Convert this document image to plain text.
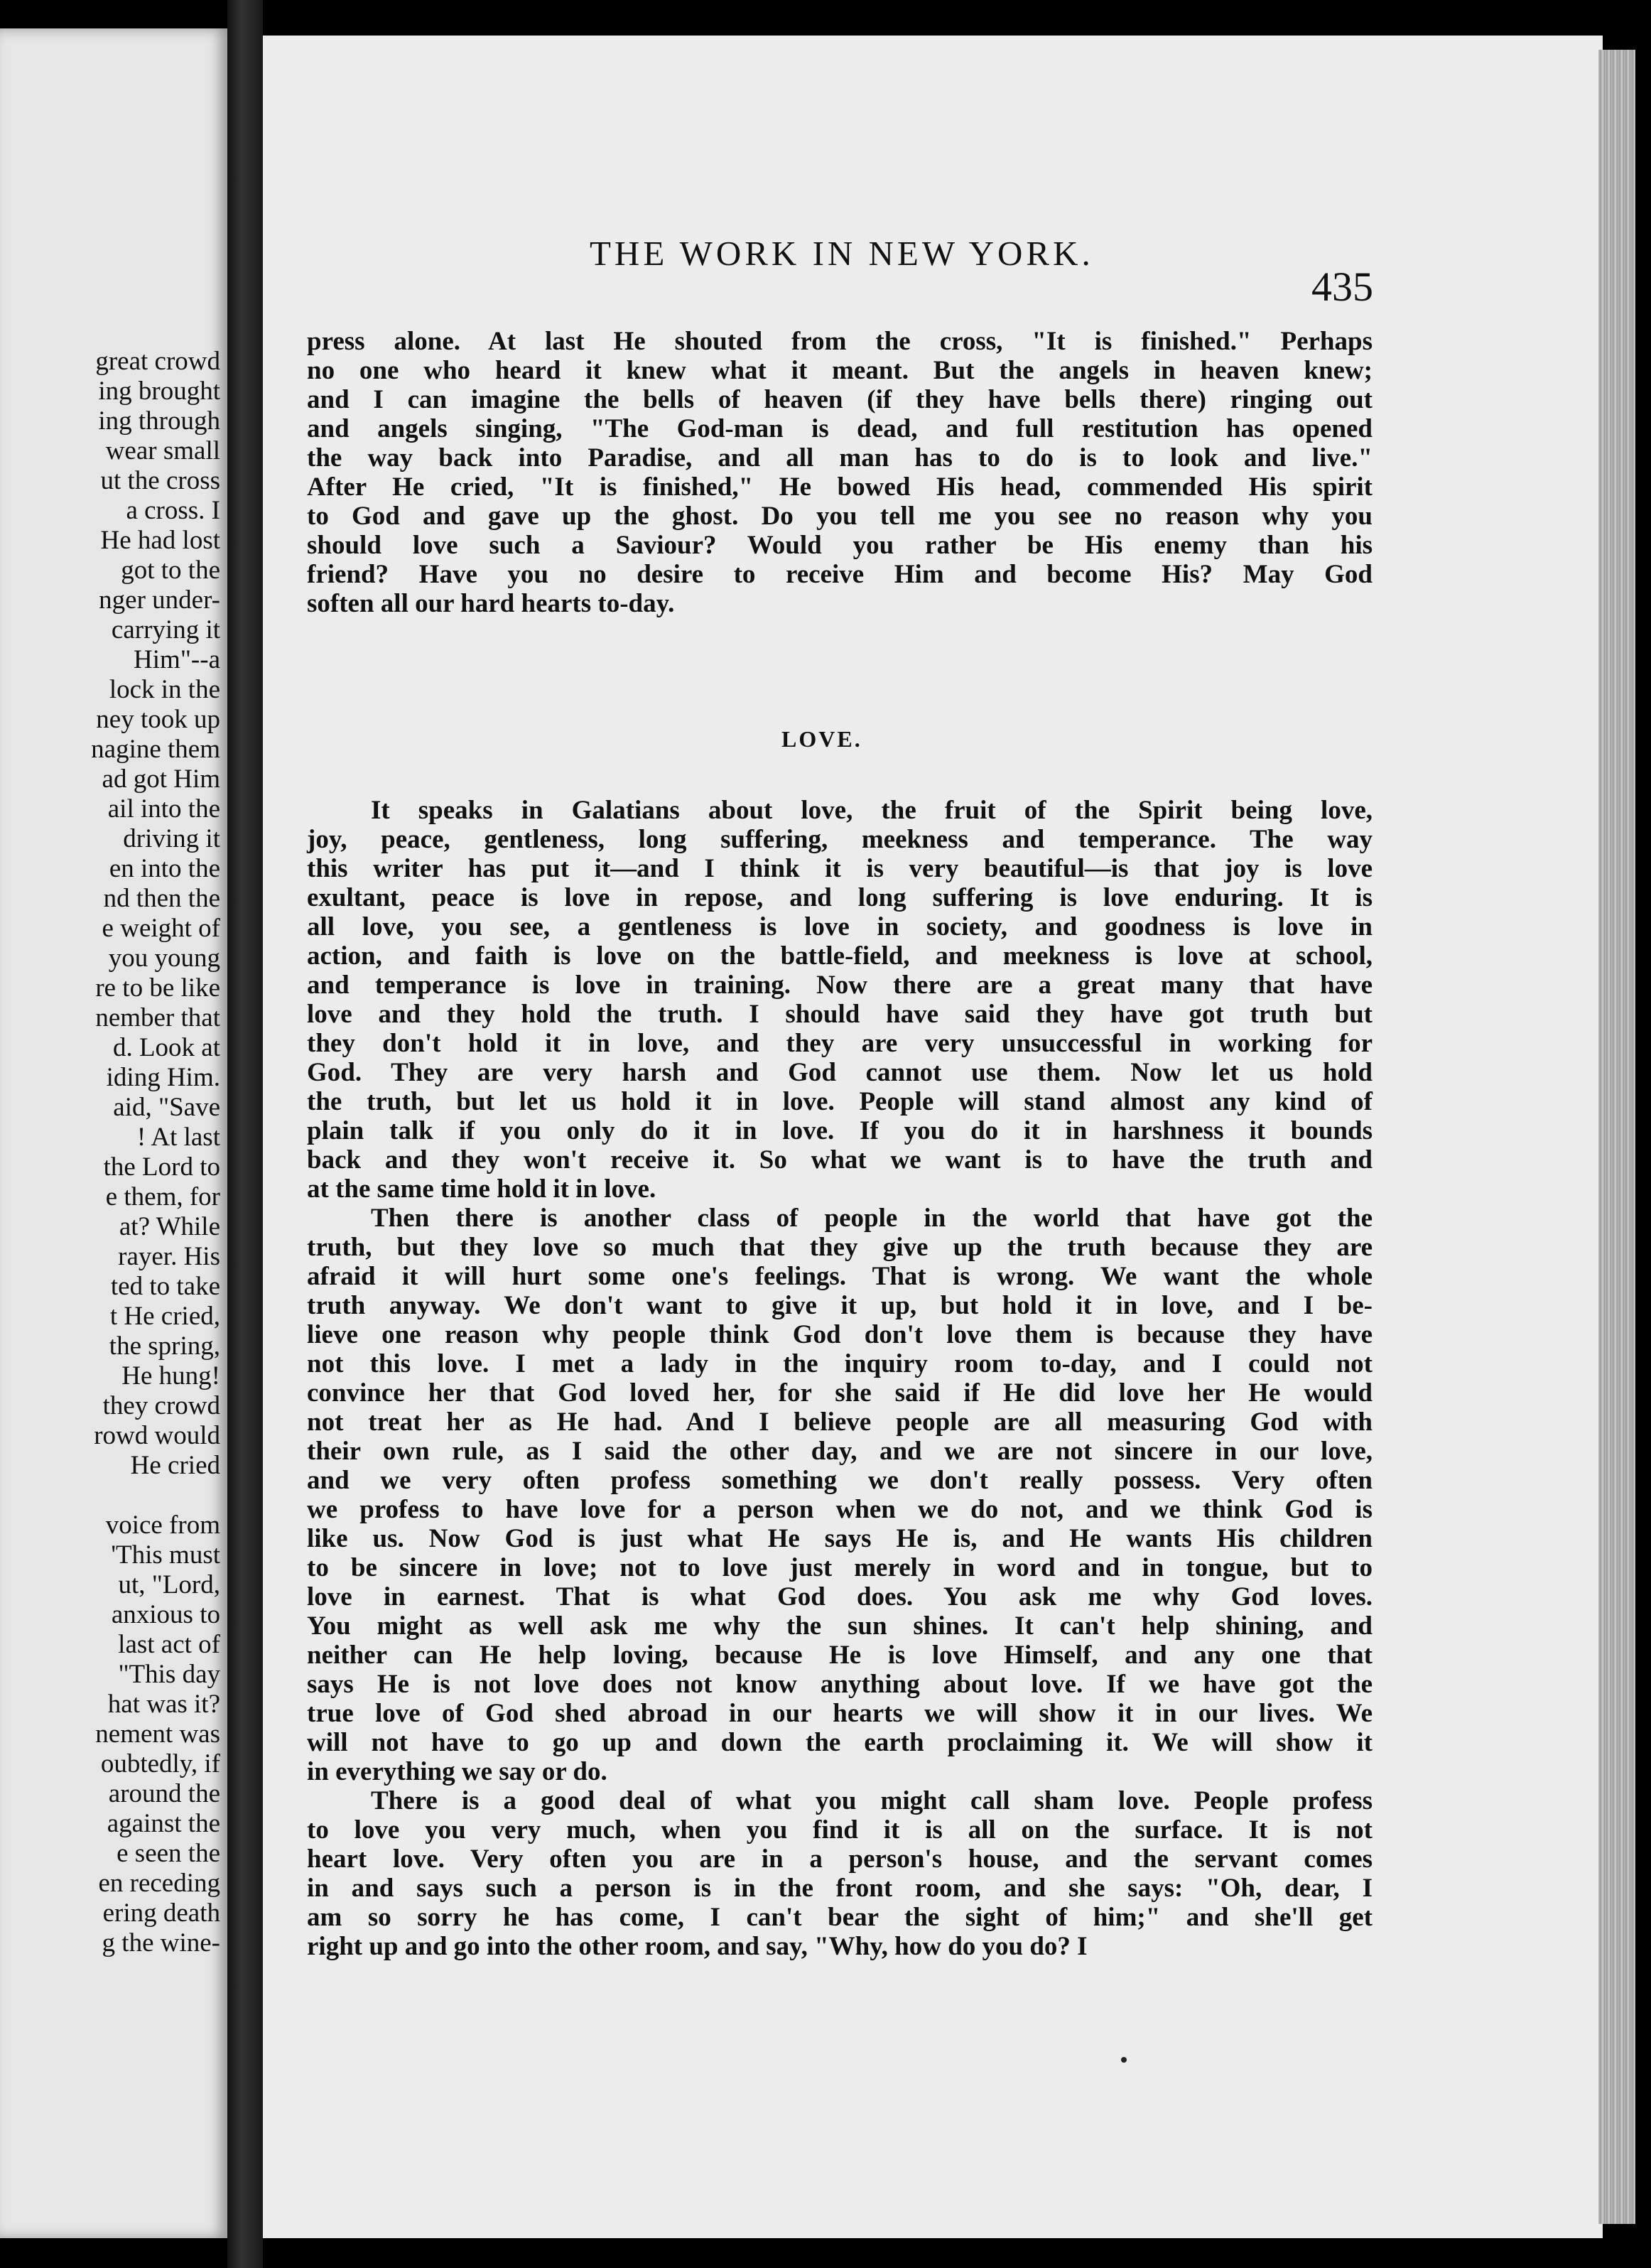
great crowd
ing brought
ing through
wear small
ut the cross
a cross. I
He had lost
got to the
nger under-
carrying it
Him"--a
lock in the
ney took up
nagine them
ad got Him
ail into the
driving it
en into the
nd then the
e weight of
you young
re to be like
nember that
d. Look at
iding Him.
aid, "Save
! At last
the Lord to
e them, for
at? While
rayer. His
ted to take
t He cried,
the spring,
He hung!
they crowd
rowd would
He cried
voice from
'This must
ut, "Lord,
anxious to
last act of
"This day
hat was it?
nement was
oubtedly, if
around the
against the
e seen the
en receding
ering death
g the wine-
THE WORK IN NEW YORK.
435
press alone. At last He shouted from the cross, "It is finished." Perhaps
no one who heard it knew what it meant. But the angels in heaven knew;
and I can imagine the bells of heaven (if they have bells there) ringing out
and angels singing, "The God-man is dead, and full restitution has opened
the way back into Paradise, and all man has to do is to look and live."
After He cried, "It is finished," He bowed His head, commended His spirit
to God and gave up the ghost. Do you tell me you see no reason why you
should love such a Saviour? Would you rather be His enemy than his
friend? Have you no desire to receive Him and become His? May God
soften all our hard hearts to-day.
LOVE.
It speaks in Galatians about love, the fruit of the Spirit being love,
joy, peace, gentleness, long suffering, meekness and temperance. The way
this writer has put it—and I think it is very beautiful—is that joy is love
exultant, peace is love in repose, and long suffering is love enduring. It is
all love, you see, a gentleness is love in society, and goodness is love in
action, and faith is love on the battle-field, and meekness is love at school,
and temperance is love in training. Now there are a great many that have
love and they hold the truth. I should have said they have got truth but
they don't hold it in love, and they are very unsuccessful in working for
God. They are very harsh and God cannot use them. Now let us hold
the truth, but let us hold it in love. People will stand almost any kind of
plain talk if you only do it in love. If you do it in harshness it bounds
back and they won't receive it. So what we want is to have the truth and
at the same time hold it in love.
Then there is another class of people in the world that have got the
truth, but they love so much that they give up the truth because they are
afraid it will hurt some one's feelings. That is wrong. We want the whole
truth anyway. We don't want to give it up, but hold it in love, and I be-
lieve one reason why people think God don't love them is because they have
not this love. I met a lady in the inquiry room to-day, and I could not
convince her that God loved her, for she said if He did love her He would
not treat her as He had. And I believe people are all measuring God with
their own rule, as I said the other day, and we are not sincere in our love,
and we very often profess something we don't really possess. Very often
we profess to have love for a person when we do not, and we think God is
like us. Now God is just what He says He is, and He wants His children
to be sincere in love; not to love just merely in word and in tongue, but to
love in earnest. That is what God does. You ask me why God loves.
You might as well ask me why the sun shines. It can't help shining, and
neither can He help loving, because He is love Himself, and any one that
says He is not love does not know anything about love. If we have got the
true love of God shed abroad in our hearts we will show it in our lives. We
will not have to go up and down the earth proclaiming it. We will show it
in everything we say or do.
There is a good deal of what you might call sham love. People profess
to love you very much, when you find it is all on the surface. It is not
heart love. Very often you are in a person's house, and the servant comes
in and says such a person is in the front room, and she says: "Oh, dear, I
am so sorry he has come, I can't bear the sight of him;" and she'll get
right up and go into the other room, and say, "Why, how do you do? I
